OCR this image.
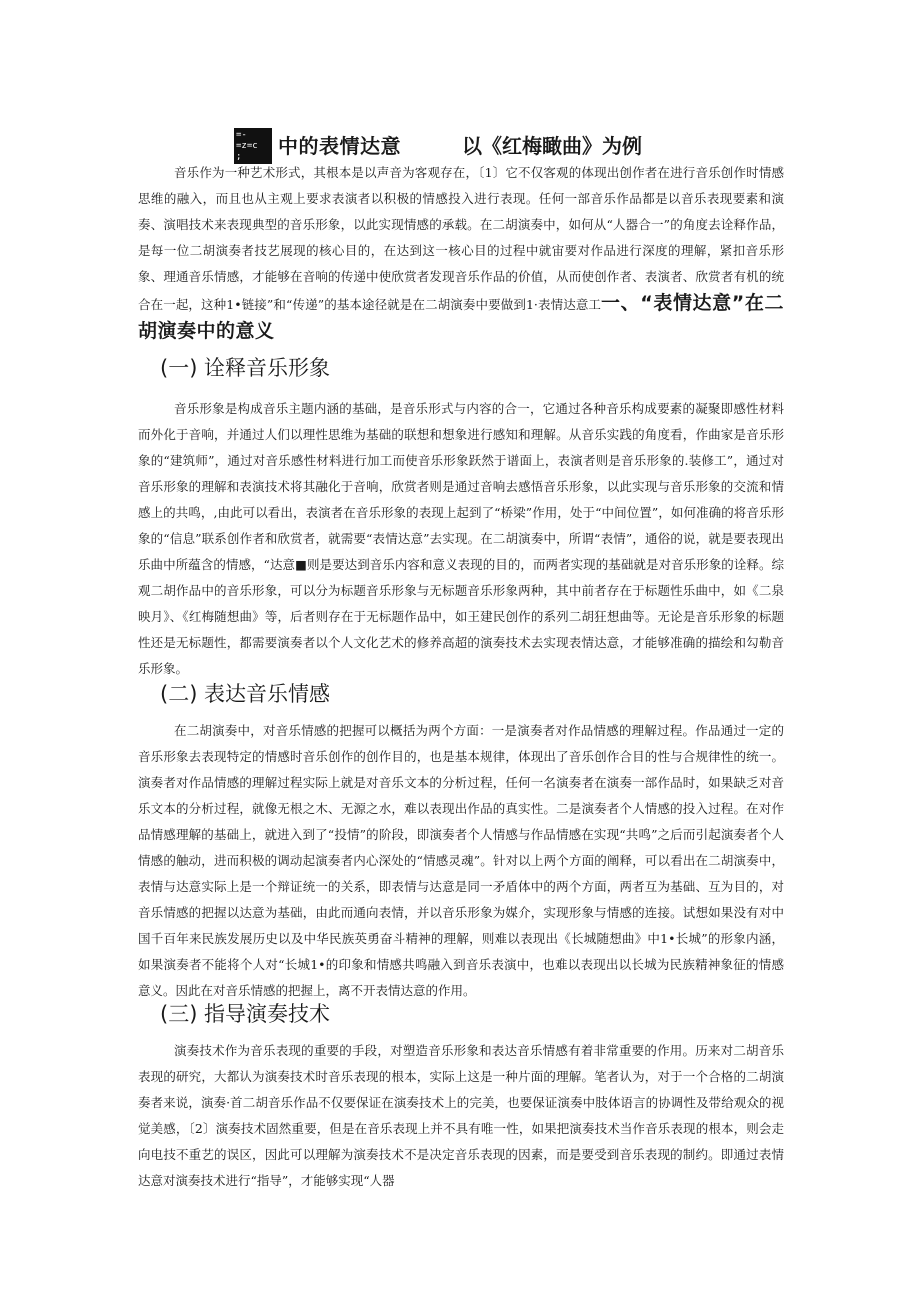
=-
=z=c
;	中的表情达意	以《红梅瞰曲》为例

音乐作为一种艺术形式，其根本是以声音为客观存在，〔1〕它不仅客观的体现出创作者在进行音乐创作时情感思维的融入，而且也从主观上要求表演者以积极的情感投入进行表现。任何一部音乐作品都是以音乐表现要素和演奏、演唱技术来表现典型的音乐形象，以此实现情感的承载。在二胡演奏中，如何从“人器合一”的角度去诠释作品，是每一位二胡演奏者技艺展现的核心目的，在达到这一核心目的过程中就宙要对作品进行深度的理解，紧扣音乐形象、理通音乐情感，才能够在音响的传递中使欣赏者发现音乐作品的价值，从而使创作者、表演者、欣赏者有机的统合在一起，这种1•链接”和“传递”的基本途径就是在二胡演奏中要做到1·表情达意工一、“表情达意”在二胡演奏中的意义

(一) 诠释音乐形象

音乐形象是构成音乐主题内涵的基础，是音乐形式与内容的合一，它通过各种音乐构成要素的凝聚即感性材料而外化于音响，并通过人们以理性思维为基础的联想和想象进行感知和理解。从音乐实践的角度看，作曲家是音乐形象的“建筑师”，通过对音乐感性材料进行加工而使音乐形象跃然于谱面上，表演者则是音乐形象的.装修工”，通过对音乐形象的理解和表演技术将其融化于音响，欣赏者则是通过音响去感悟音乐形象，以此实现与音乐形象的交流和情感上的共鸣，,由此可以看出，表演者在音乐形象的表现上起到了“桥梁”作用，处于“中间位置”，如何准确的将音乐形象的“信息”联系创作者和欣赏者，就需要“表情达意”去实现。在二胡演奏中，所谓“表情”，通俗的说，就是要表现出乐曲中所蕴含的情感，“达意■则是要达到音乐内容和意义表现的目的，而两者实现的基础就是对音乐形象的诠释。综观二胡作品中的音乐形象，可以分为标题音乐形象与无标题音乐形象两种，其中前者存在于标题性乐曲中，如《二泉映月》、《红梅随想曲》等，后者则存在于无标题作品中，如王建民创作的系列二胡狂想曲等。无论是音乐形象的标题性还是无标题性，都需要演奏者以个人文化艺术的修养高超的演奏技术去实现表情达意，才能够准确的描绘和勾勒音乐形象。

(二) 表达音乐情感

在二胡演奏中，对音乐情感的把握可以概括为两个方面：一是演奏者对作品情感的理解过程。作品通过一定的音乐形象去表现特定的情感时音乐创作的创作目的，也是基本规律，体现出了音乐创作合目的性与合规律性的统一。演奏者对作品情感的理解过程实际上就是对音乐文本的分析过程，任何一名演奏者在演奏一部作品时，如果缺乏对音乐文本的分析过程，就像无根之木、无源之水，难以表现出作品的真实性。二是演奏者个人情感的投入过程。在对作品情感理解的基础上，就进入到了“投情”的阶段，即演奏者个人情感与作品情感在实现“共鸣”之后而引起演奏者个人情感的触动，进而积极的调动起演奏者内心深处的“情感灵魂”。针对以上两个方面的阐释，可以看出在二胡演奏中，表情与达意实际上是一个辩证统一的关系，即表情与达意是同一矛盾体中的两个方面，两者互为基础、互为目的，对音乐情感的把握以达意为基础，由此而通向表情，并以音乐形象为媒介，实现形象与情感的连接。试想如果没有对中国千百年来民族发展历史以及中华民族英勇奋斗精神的理解，则难以表现出《长城随想曲》中1•长城”的形象内涵，如果演奏者不能将个人对“长城1•的印象和情感共鸣融入到音乐表演中，也难以表现出以长城为民族精神象征的情感意义。因此在对音乐情感的把握上，离不开表情达意的作用。

(三) 指导演奏技术

演奏技术作为音乐表现的重要的手段，对塑造音乐形象和表达音乐情感有着非常重要的作用。历来对二胡音乐表现的研究，大都认为演奏技术时音乐表现的根本，实际上这是一种片面的理解。笔者认为，对于一个合格的二胡演奏者来说，演奏·首二胡音乐作品不仅要保证在演奏技术上的完美，也要保证演奏中肢体语言的协调性及带给观众的视觉美感，〔2〕演奏技术固然重要，但是在音乐表现上并不具有唯一性，如果把演奏技术当作音乐表现的根本，则会走向电技不重艺的误区，因此可以理解为演奏技术不是决定音乐表现的因素，而是要受到音乐表现的制约。即通过表情达意对演奏技术进行“指导”，才能够实现“人器
